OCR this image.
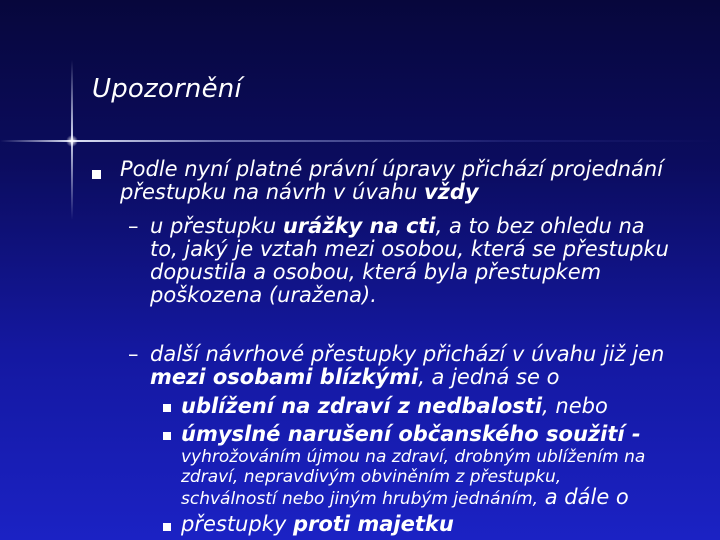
Upozornění
Podle nyní platné právní úpravy přichází projednání
přestupku na návrh v úvahu vždy
– u přestupku urážky na cti, a to bez ohledu na
to, jaký je vztah mezi osobou, která se přestupku
dopustila a osobou, která byla přestupkem
poškozena (uražena).
– další návrhové přestupky přichází v úvahu již jen
mezi osobami blízkými, a jedná se o
ublížení na zdraví z nedbalosti, nebo
úmyslné narušení občanského soužití -
vyhrožováním újmou na zdraví, drobným ublížením na
zdraví, nepravdivým obviněním z přestupku,
schválností nebo jiným hrubým jednáním, a dále o
přestupky proti majetku
